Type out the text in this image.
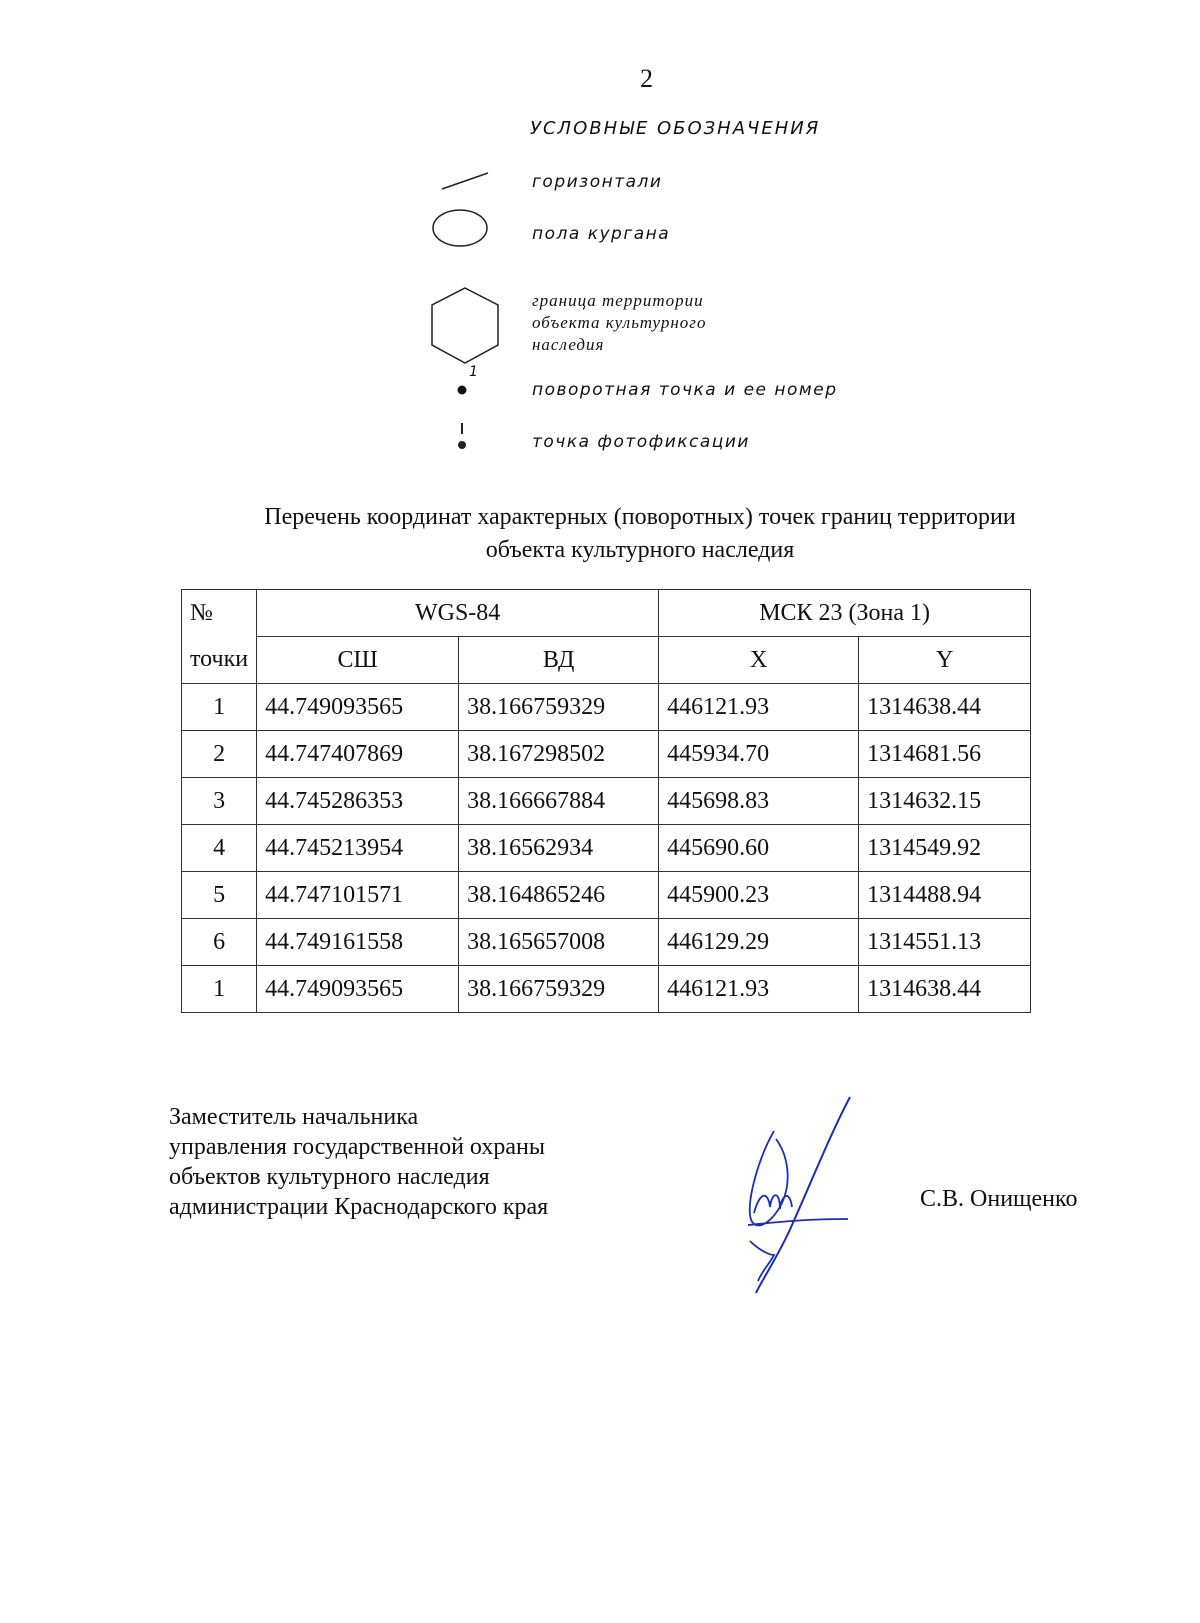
2
УСЛОВНЫЕ ОБОЗНАЧЕНИЯ
горизонтали
пола кургана
граница территории
объекта культурного
наследия
1
поворотная точка и ее номер
точка фотофиксации
Перечень координат характерных (поворотных) точек границ территории
объекта культурного наследия
№	WGS-84		МСК 23 (Зона 1)	
точки	СШ	ВД	X	Y
1	44.749093565	38.166759329	446121.93	1314638.44
2	44.747407869	38.167298502	445934.70	1314681.56
3	44.745286353	38.166667884	445698.83	1314632.15
4	44.745213954	38.16562934	445690.60	1314549.92
5	44.747101571	38.164865246	445900.23	1314488.94
6	44.749161558	38.165657008	446129.29	1314551.13
1	44.749093565	38.166759329	446121.93	1314638.44
Заместитель начальника
управления государственной охраны
объектов культурного наследия
администрации Краснодарского края	С.В. Онищенко
